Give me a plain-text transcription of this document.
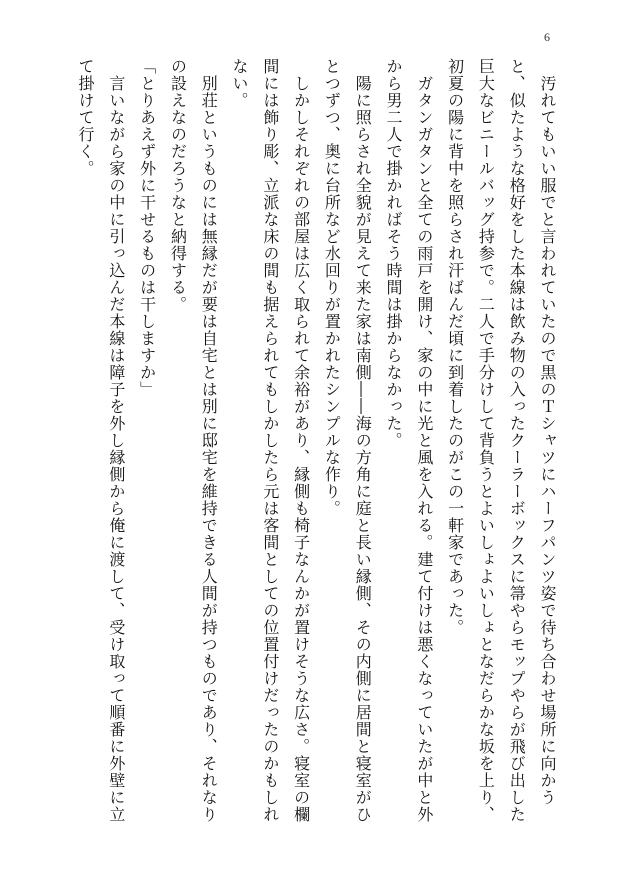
6

　汚れてもいい服でと言われていたので黒のＴシャツにハーフパンツ姿で待ち合わせ場所に向かうと、似たような格好をした本線は飲み物の入ったクーラーボックスに箒やらモップやらが飛び出した巨大なビニールバッグ持参で。二人で手分けして背負うとよいしょよいしょとなだらかな坂を上り、初夏の陽に背中を照らされ汗ばんだ頃に到着したのがこの一軒家であった。

　ガタンガタンと全ての雨戸を開け、家の中に光と風を入れる。建て付けは悪くなっていたが中と外から男二人で掛かればそう時間は掛からなかった。

　陽に照らされ全貌が見えて来た家は南側――海の方角に庭と長い縁側、その内側に居間と寝室がひとつずつ、奥に台所など水回りが置かれたシンプルな作り。

　しかしそれぞれの部屋は広く取られて余裕があり、縁側も椅子なんかが置けそうな広さ。寝室の欄間には飾り彫、立派な床の間も据えられてもしかしたら元は客間としての位置付けだったのかもしれない。

　別荘というものには無縁だが要は自宅とは別に邸宅を維持できる人間が持つものであり、それなりの設えなのだろうなと納得する。

「とりあえず外に干せるものは干しますか」

　言いながら家の中に引っ込んだ本線は障子を外し縁側から俺に渡して、受け取って順番に外壁に立て掛けて行く。
